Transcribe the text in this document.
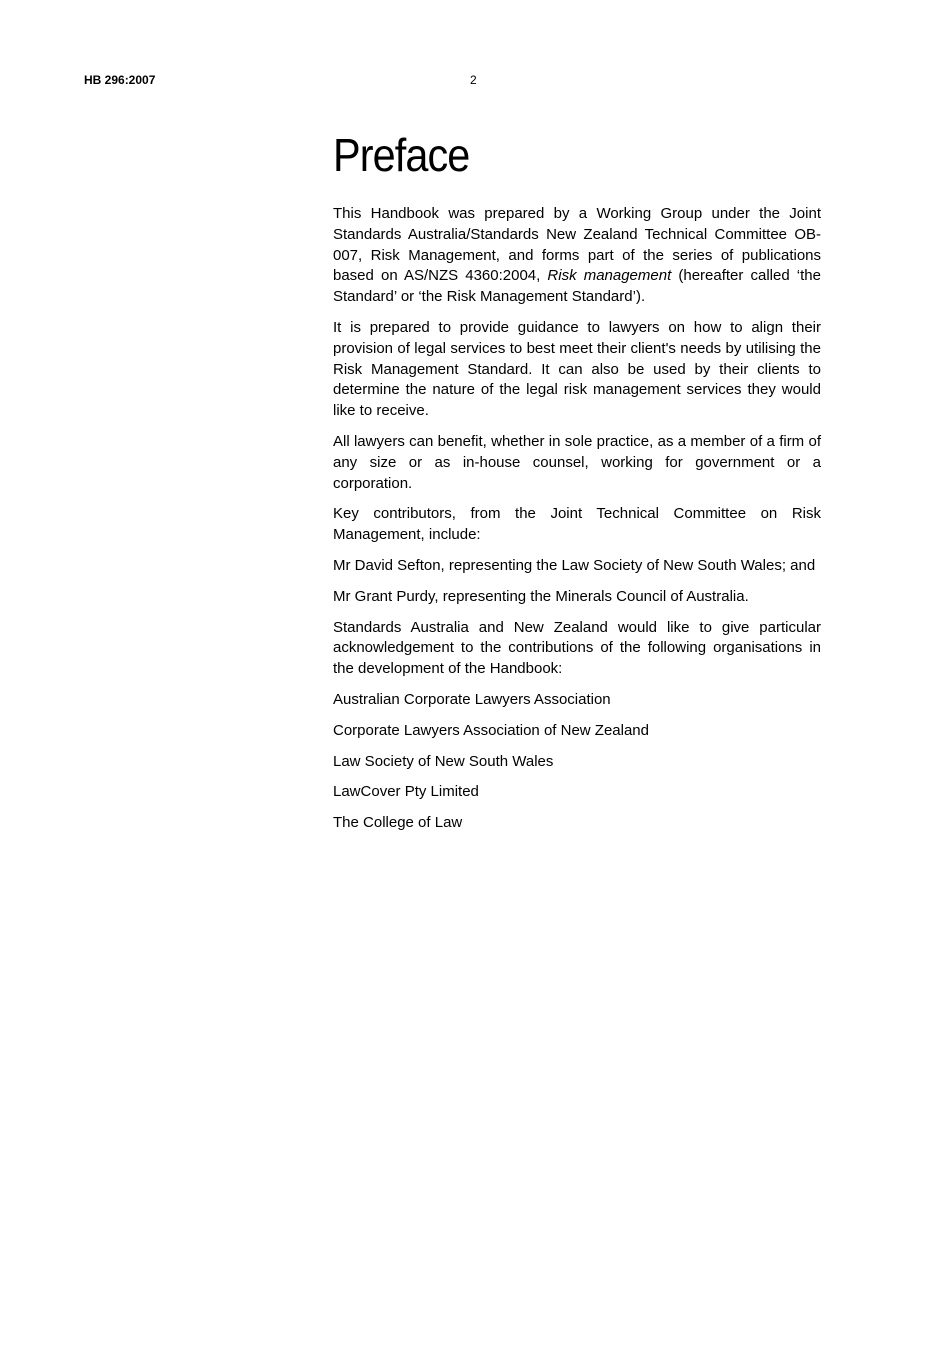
HB 296:2007	2
Preface

This Handbook was prepared by a Working Group under the Joint Standards Australia/Standards New Zealand Technical Committee OB-007, Risk Management, and forms part of the series of publications based on AS/NZS 4360:2004, Risk management (hereafter called ‘the Standard’ or ‘the Risk Management Standard’).

It is prepared to provide guidance to lawyers on how to align their provision of legal services to best meet their client's needs by utilising the Risk Management Standard. It can also be used by their clients to determine the nature of the legal risk management services they would like to receive.

All lawyers can benefit, whether in sole practice, as a member of a firm of any size or as in-house counsel, working for government or a corporation.

Key contributors, from the Joint Technical Committee on Risk Management, include:

Mr David Sefton, representing the Law Society of New South Wales; and

Mr Grant Purdy, representing the Minerals Council of Australia.

Standards Australia and New Zealand would like to give particular acknowledgement to the contributions of the following organisations in the development of the Handbook:

Australian Corporate Lawyers Association

Corporate Lawyers Association of New Zealand

Law Society of New South Wales

LawCover Pty Limited

The College of Law
